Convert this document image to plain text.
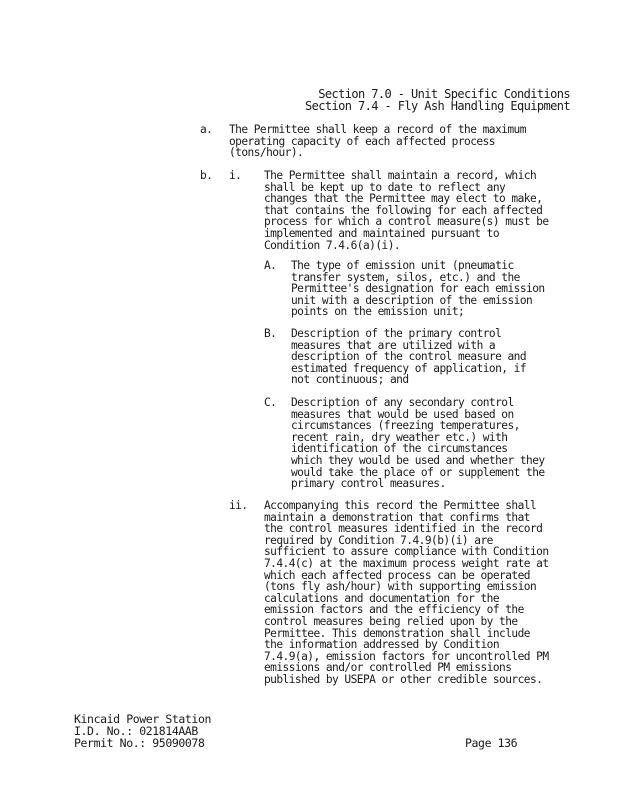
Section 7.0 - Unit Specific Conditions
Section 7.4 - Fly Ash Handling Equipment
a. The Permittee shall keep a record of the maximum
operating capacity of each affected process
(tons/hour).
b. i. The Permittee shall maintain a record, which
shall be kept up to date to reflect any
changes that the Permittee may elect to make,
that contains the following for each affected
process for which a control measure(s) must be
implemented and maintained pursuant to
Condition 7.4.6(a)(i).
A. The type of emission unit (pneumatic
transfer system, silos, etc.) and the
Permittee's designation for each emission
unit with a description of the emission
points on the emission unit;
B. Description of the primary control
measures that are utilized with a
description of the control measure and
estimated frequency of application, if
not continuous; and
C. Description of any secondary control
measures that would be used based on
circumstances (freezing temperatures,
recent rain, dry weather etc.) with
identification of the circumstances
which they would be used and whether they
would take the place of or supplement the
primary control measures.
ii. Accompanying this record the Permittee shall
maintain a demonstration that confirms that
the control measures identified in the record
required by Condition 7.4.9(b)(i) are
sufficient to assure compliance with Condition
7.4.4(c) at the maximum process weight rate at
which each affected process can be operated
(tons fly ash/hour) with supporting emission
calculations and documentation for the
emission factors and the efficiency of the
control measures being relied upon by the
Permittee. This demonstration shall include
the information addressed by Condition
7.4.9(a), emission factors for uncontrolled PM
emissions and/or controlled PM emissions
published by USEPA or other credible sources.
Kincaid Power Station
I.D. No.: 021814AAB
Permit No.: 95090078	Page 136
